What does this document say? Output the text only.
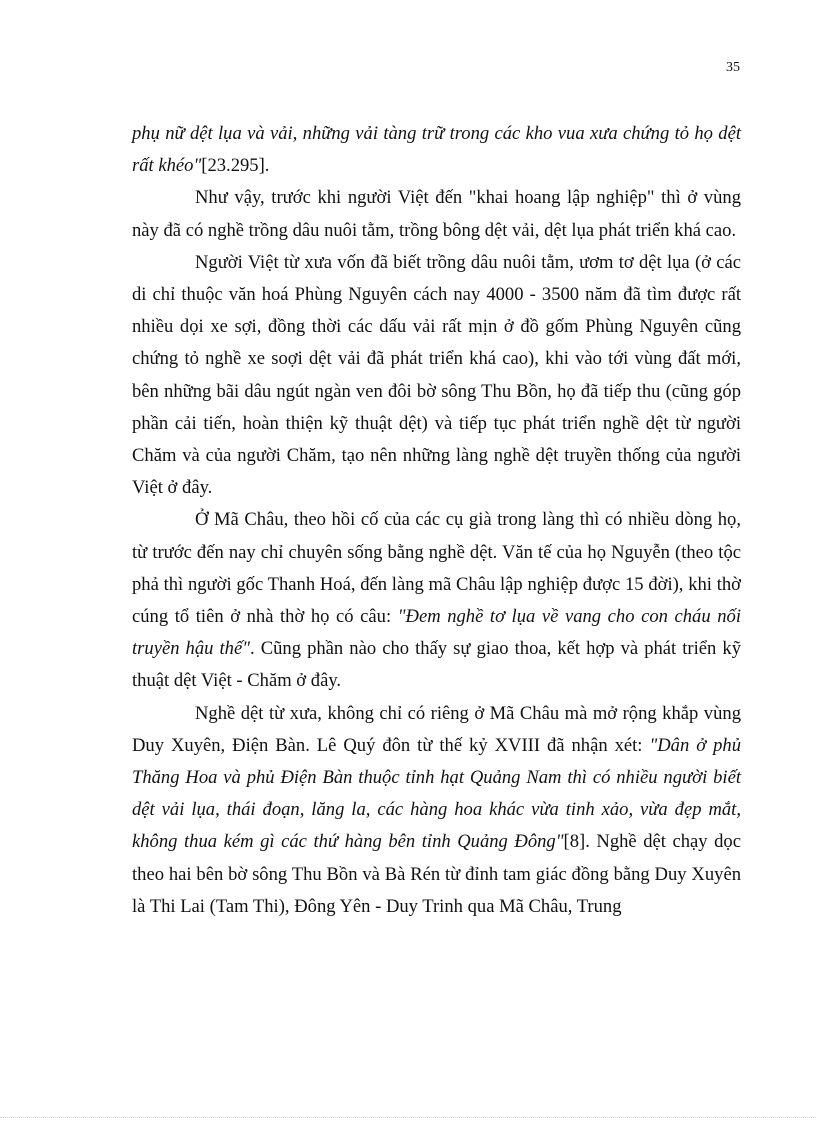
35

phụ nữ dệt lụa và vải, những vải tàng trữ trong các kho vua xưa chứng tỏ họ dệt rất khéo"[23.295].

Như vậy, trước khi người Việt đến "khai hoang lập nghiệp" thì ở vùng này đã có nghề trồng dâu nuôi tằm, trồng bông dệt vải, dệt lụa phát triển khá cao.

Người Việt từ xưa vốn đã biết trồng dâu nuôi tằm, ươm tơ dệt lụa (ở các di chỉ thuộc văn hoá Phùng Nguyên cách nay 4000 - 3500 năm đã tìm được rất nhiều dọi xe sợi, đồng thời các dấu vải rất mịn ở đồ gốm Phùng Nguyên cũng chứng tỏ nghề xe soợi dệt vải đã phát triển khá cao), khi vào tới vùng đất mới, bên những bãi dâu ngút ngàn ven đôi bờ sông Thu Bồn, họ đã tiếp thu (cũng góp phần cải tiến, hoàn thiện kỹ thuật dệt) và tiếp tục phát triển nghề dệt từ người Chăm và của người Chăm, tạo nên những làng nghề dệt truyền thống của người Việt ở đây.

Ở Mã Châu, theo hồi cố của các cụ già trong làng thì có nhiều dòng họ, từ trước đến nay chỉ chuyên sống bằng nghề dệt. Văn tế của họ Nguyễn (theo tộc phả thì người gốc Thanh Hoá, đến làng mã Châu lập nghiệp được 15 đời), khi thờ cúng tổ tiên ở nhà thờ họ có câu: "Đem nghề tơ lụa về vang cho con cháu nối truyền hậu thế". Cũng phần nào cho thấy sự giao thoa, kết hợp và phát triển kỹ thuật dệt Việt - Chăm ở đây.

Nghề dệt từ xưa, không chỉ có riêng ở Mã Châu mà mở rộng khắp vùng Duy Xuyên, Điện Bàn. Lê Quý đôn từ thế kỷ XVIII đã nhận xét: "Dân ở phủ Thăng Hoa và phủ Điện Bàn thuộc tỉnh hạt Quảng Nam thì có nhiều người biết dệt vải lụa, thái đoạn, lăng la, các hàng hoa khác vừa tinh xảo, vừa đẹp mắt, không thua kém gì các thứ hàng bên tỉnh Quảng Đông"[8]. Nghề dệt chạy dọc theo hai bên bờ sông Thu Bồn và Bà Rén từ đỉnh tam giác đồng bằng Duy Xuyên là Thi Lai (Tam Thi), Đông Yên - Duy Trinh qua Mã Châu, Trung
